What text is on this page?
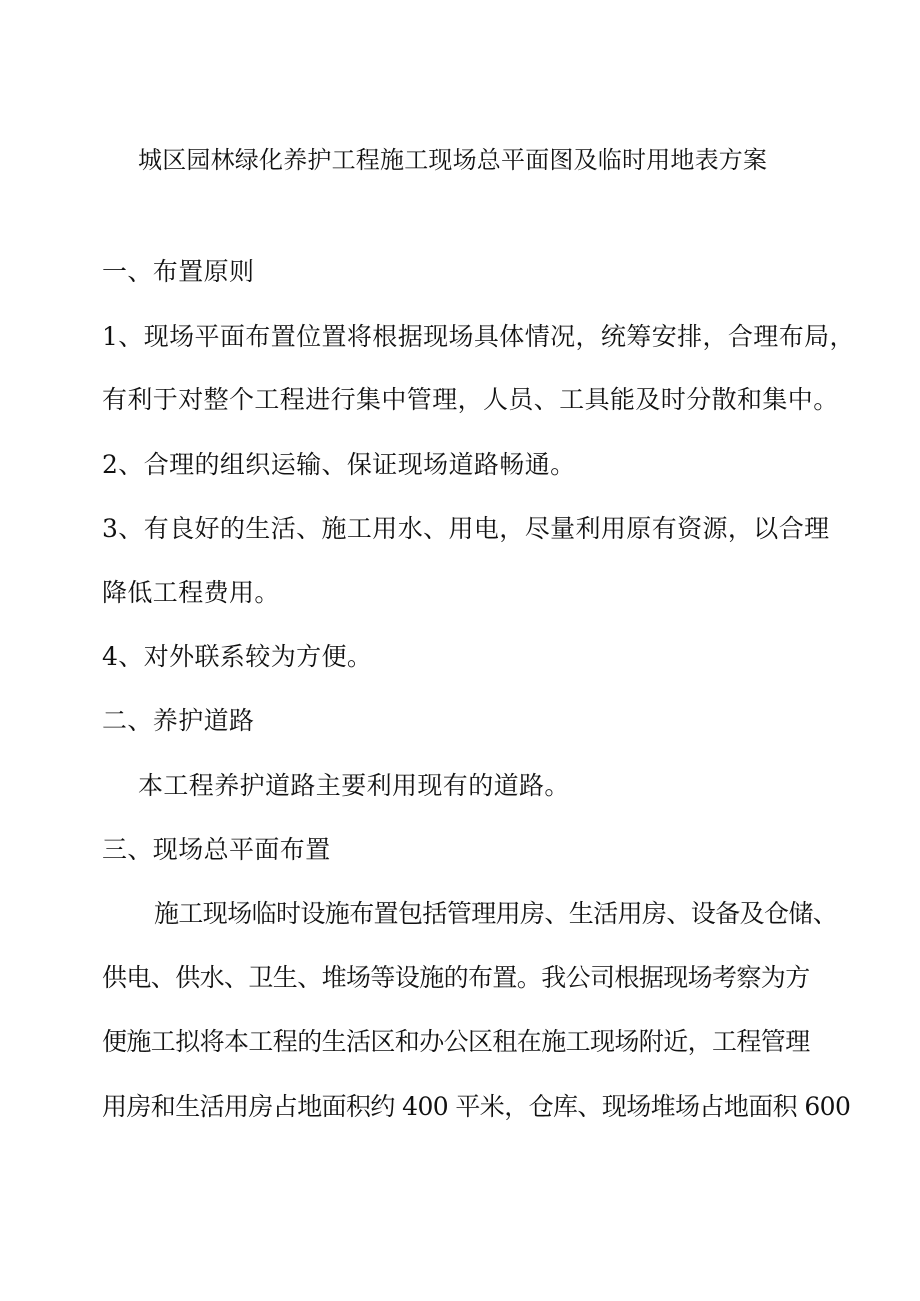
城区园林绿化养护工程施工现场总平面图及临时用地表方案
一、布置原则
1、现场平面布置位置将根据现场具体情况，统筹安排，合理布局，
有利于对整个工程进行集中管理，人员、工具能及时分散和集中。
2、合理的组织运输、保证现场道路畅通。
3、有良好的生活、施工用水、用电，尽量利用原有资源，以合理
降低工程费用。
4、对外联系较为方便。
二、养护道路
本工程养护道路主要利用现有的道路。
三、现场总平面布置
施工现场临时设施布置包括管理用房、生活用房、设备及仓储、
供电、供水、卫生、堆场等设施的布置。我公司根据现场考察为方
便施工拟将本工程的生活区和办公区租在施工现场附近，工程管理
用房和生活用房占地面积约 400 平米，仓库、现场堆场占地面积 600
